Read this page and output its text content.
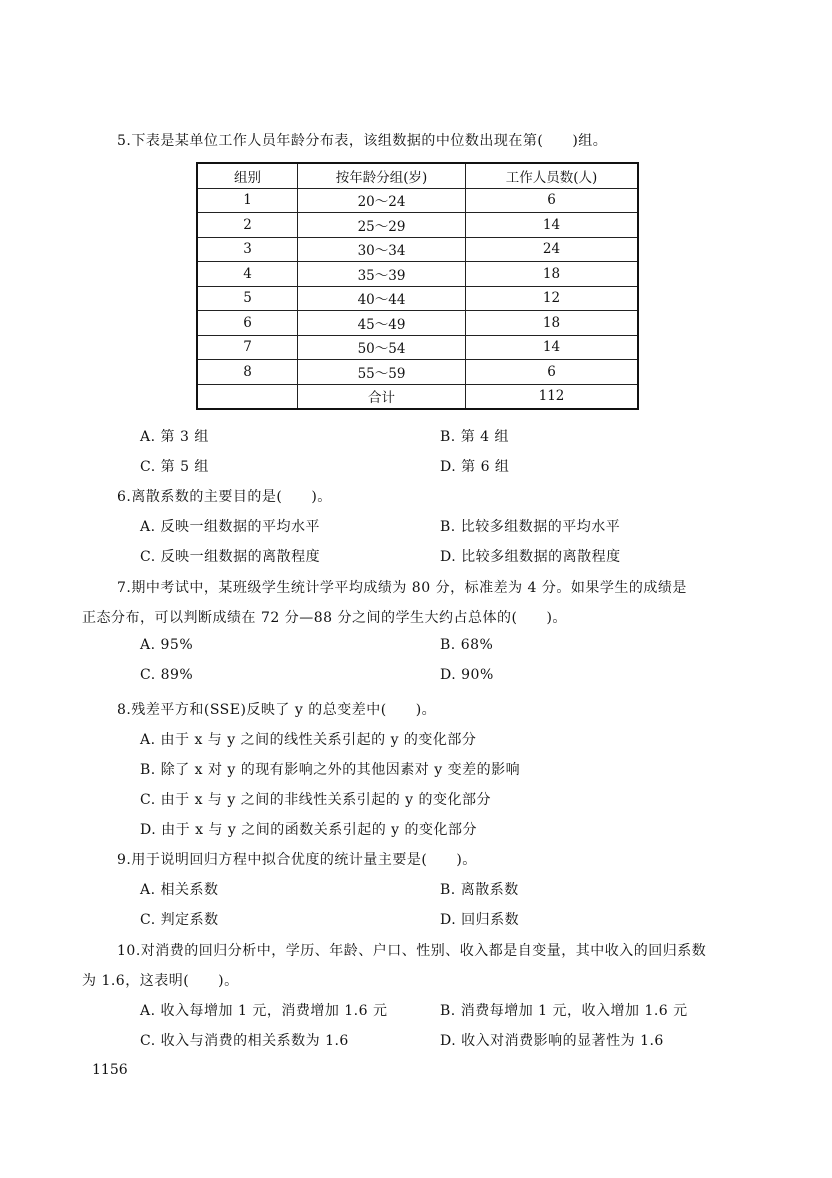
5.下表是某单位工作人员年龄分布表，该组数据的中位数出现在第(　　)组。
组别	按年龄分组(岁)	工作人员数(人)
1	20～24	6
2	25～29	14
3	30～34	24
4	35～39	18
5	40～44	12
6	45～49	18
7	50～54	14
8	55～59	6
	合计	112
A. 第 3 组	B. 第 4 组
C. 第 5 组	D. 第 6 组
6.离散系数的主要目的是(　　)。
A. 反映一组数据的平均水平	B. 比较多组数据的平均水平
C. 反映一组数据的离散程度	D. 比较多组数据的离散程度
7.期中考试中，某班级学生统计学平均成绩为 80 分，标准差为 4 分。如果学生的成绩是
正态分布，可以判断成绩在 72 分—88 分之间的学生大约占总体的(　　)。
A. 95%	B. 68%
C. 89%	D. 90%
8.残差平方和(SSE)反映了 y 的总变差中(　　)。
A. 由于 x 与 y 之间的线性关系引起的 y 的变化部分
B. 除了 x 对 y 的现有影响之外的其他因素对 y 变差的影响
C. 由于 x 与 y 之间的非线性关系引起的 y 的变化部分
D. 由于 x 与 y 之间的函数关系引起的 y 的变化部分
9.用于说明回归方程中拟合优度的统计量主要是(　　)。
A. 相关系数	B. 离散系数
C. 判定系数	D. 回归系数
10.对消费的回归分析中，学历、年龄、户口、性别、收入都是自变量，其中收入的回归系数
为 1.6，这表明(　　)。
A. 收入每增加 1 元，消费增加 1.6 元	B. 消费每增加 1 元，收入增加 1.6 元
C. 收入与消费的相关系数为 1.6	D. 收入对消费影响的显著性为 1.6
1156
